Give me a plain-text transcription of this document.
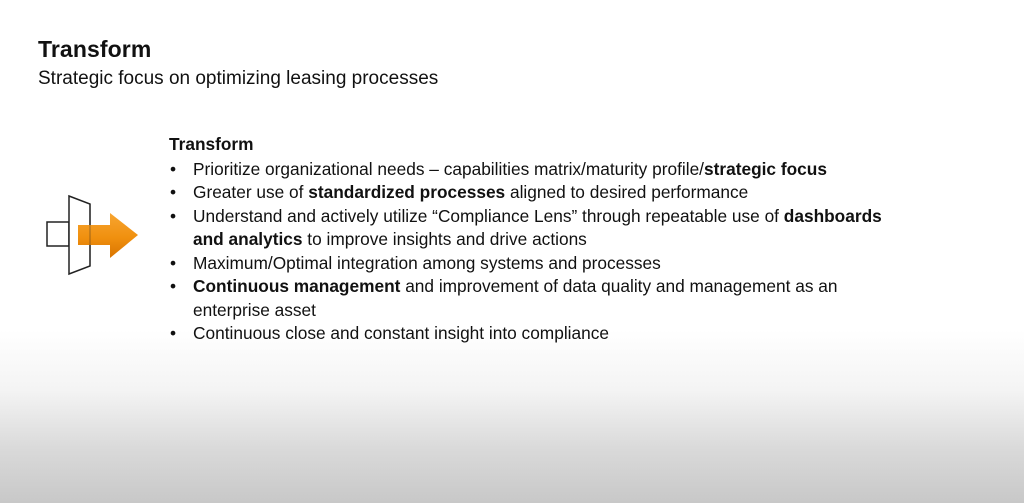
Transform

Strategic focus on optimizing leasing processes

Transform
• Prioritize organizational needs – capabilities matrix/maturity profile/strategic focus
• Greater use of standardized processes aligned to desired performance
• Understand and actively utilize “Compliance Lens” through repeatable use of dashboards and analytics to improve insights and drive actions
• Maximum/Optimal integration among systems and processes
• Continuous management and improvement of data quality and management as an enterprise asset
• Continuous close and constant insight into compliance
